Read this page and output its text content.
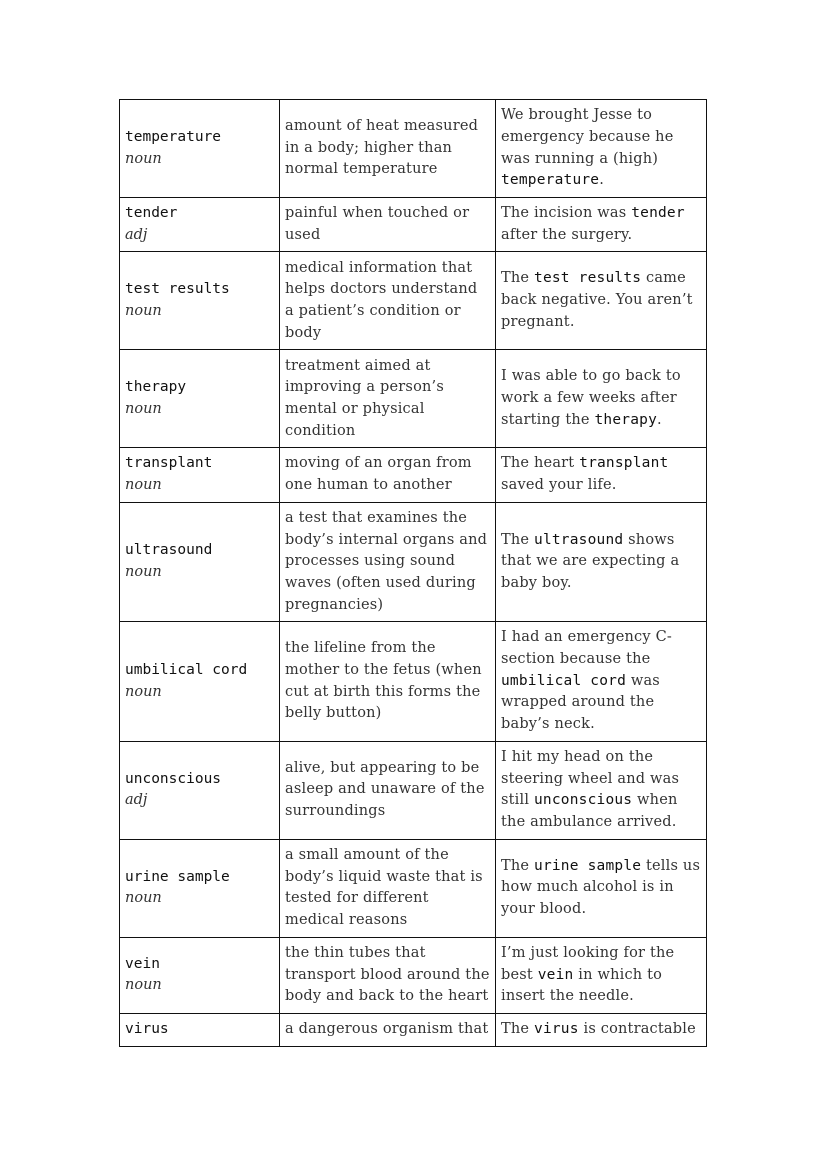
temperature
noun	amount of heat measured in a body; higher than normal temperature	We brought Jesse to emergency because he was running a (high) temperature.

tender
adj	painful when touched or used	The incision was tender after the surgery.

test results
noun	medical information that helps doctors understand a patient’s condition or body	The test results came back negative. You aren’t pregnant.

therapy
noun	treatment aimed at improving a person’s mental or physical condition	I was able to go back to work a few weeks after starting the therapy.

transplant
noun	moving of an organ from one human to another	The heart transplant saved your life.

ultrasound
noun	a test that examines the body’s internal organs and processes using sound waves (often used during pregnancies)	The ultrasound shows that we are expecting a baby boy.

umbilical cord
noun	the lifeline from the mother to the fetus (when cut at birth this forms the belly button)	I had an emergency C-section because the umbilical cord was wrapped around the baby’s neck.

unconscious
adj	alive, but appearing to be asleep and unaware of the surroundings	I hit my head on the steering wheel and was still unconscious when the ambulance arrived.

urine sample
noun	a small amount of the body’s liquid waste that is tested for different medical reasons	The urine sample tells us how much alcohol is in your blood.

vein
noun	the thin tubes that transport blood around the body and back to the heart	I’m just looking for the best vein in which to insert the needle.

virus	a dangerous organism that	The virus is contractable
